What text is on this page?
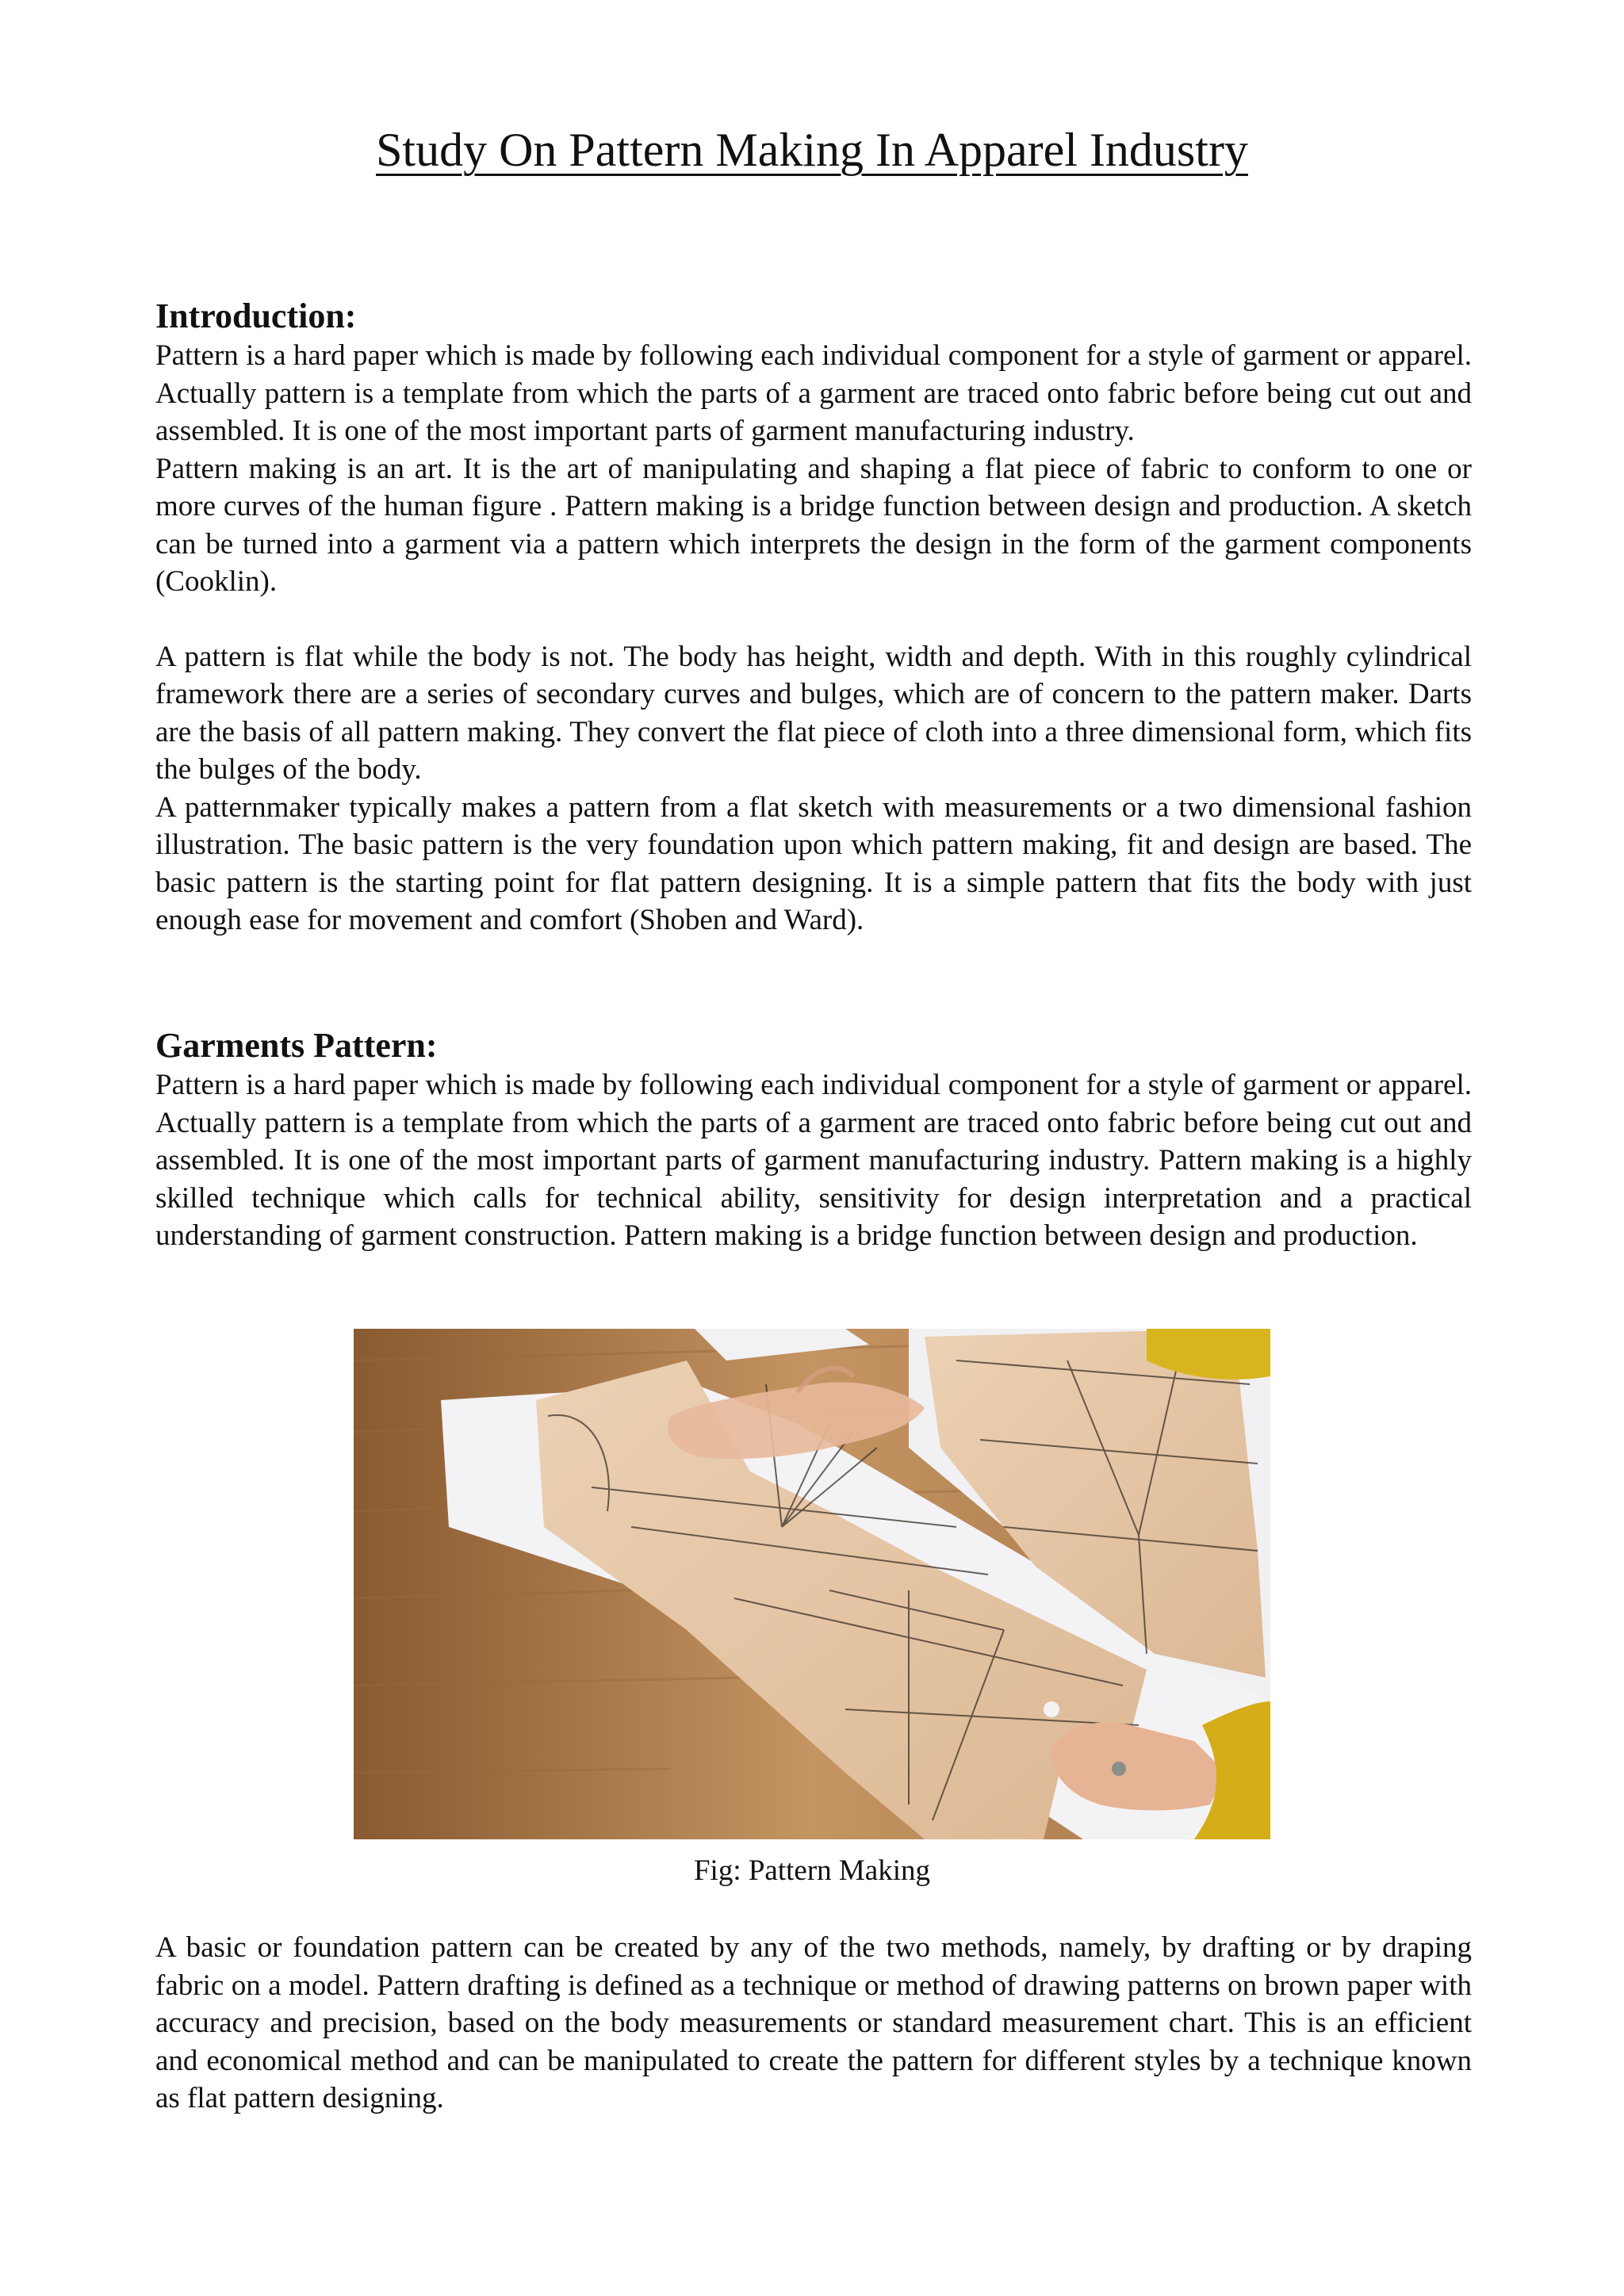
Study On Pattern Making In Apparel Industry
Introduction:

Pattern is a hard paper which is made by following each individual component for a style of garment or apparel. Actually pattern is a template from which the parts of a garment are traced onto fabric before being cut out and assembled. It is one of the most important parts of garment manufacturing industry.

Pattern making is an art. It is the art of manipulating and shaping a flat piece of fabric to conform to one or more curves of the human figure . Pattern making is a bridge function between design and production. A sketch can be turned into a garment via a pattern which interprets the design in the form of the garment components (Cooklin).

A pattern is flat while the body is not. The body has height, width and depth. With in this roughly cylindrical framework there are a series of secondary curves and bulges, which are of concern to the pattern maker. Darts are the basis of all pattern making. They convert the flat piece of cloth into a three dimensional form, which fits the bulges of the body.

A patternmaker typically makes a pattern from a flat sketch with measurements or a two dimensional fashion illustration. The basic pattern is the very foundation upon which pattern making, fit and design are based. The basic pattern is the starting point for flat pattern designing. It is a simple pattern that fits the body with just enough ease for movement and comfort (Shoben and Ward).

Garments Pattern:

Pattern is a hard paper which is made by following each individual component for a style of garment or apparel. Actually pattern is a template from which the parts of a garment are traced onto fabric before being cut out and assembled. It is one of the most important parts of garment manufacturing industry. Pattern making is a highly skilled technique which calls for technical ability, sensitivity for design interpretation and a practical understanding of garment construction. Pattern making is a bridge function between design and production.

Fig: Pattern Making

A basic or foundation pattern can be created by any of the two methods, namely, by drafting or by draping fabric on a model. Pattern drafting is defined as a technique or method of drawing patterns on brown paper with accuracy and precision, based on the body measurements or standard measurement chart. This is an efficient and economical method and can be manipulated to create the pattern for different styles by a technique known as flat pattern designing.
